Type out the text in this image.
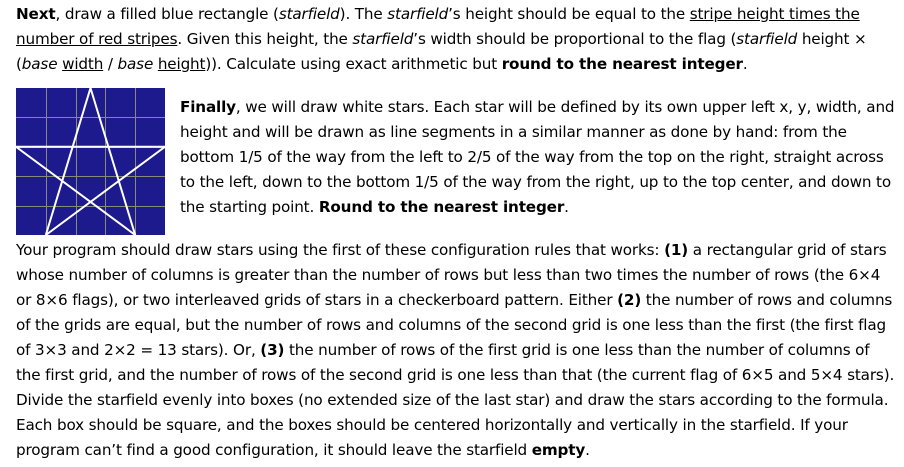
Next, draw a filled blue rectangle (starfield). The starfield’s height should be equal to the stripe height times the number of red stripes. Given this height, the starfield’s width should be proportional to the flag (starfield height × (base width / base height)). Calculate using exact arithmetic but round to the nearest integer.

Finally, we will draw white stars. Each star will be defined by its own upper left x, y, width, and height and will be drawn as line segments in a similar manner as done by hand: from the bottom 1/5 of the way from the left to 2/5 of the way from the top on the right, straight across to the left, down to the bottom 1/5 of the way from the right, up to the top center, and down to the starting point. Round to the nearest integer.

Your program should draw stars using the first of these configuration rules that works: (1) a rectangular grid of stars whose number of columns is greater than the number of rows but less than two times the number of rows (the 6×4 or 8×6 flags), or two interleaved grids of stars in a checkerboard pattern. Either (2) the number of rows and columns of the grids are equal, but the number of rows and columns of the second grid is one less than the first (the first flag of 3×3 and 2×2 = 13 stars). Or, (3) the number of rows of the first grid is one less than the number of columns of the first grid, and the number of rows of the second grid is one less than that (the current flag of 6×5 and 5×4 stars). Divide the starfield evenly into boxes (no extended size of the last star) and draw the stars according to the formula. Each box should be square, and the boxes should be centered horizontally and vertically in the starfield. If your program can’t find a good configuration, it should leave the starfield empty.
